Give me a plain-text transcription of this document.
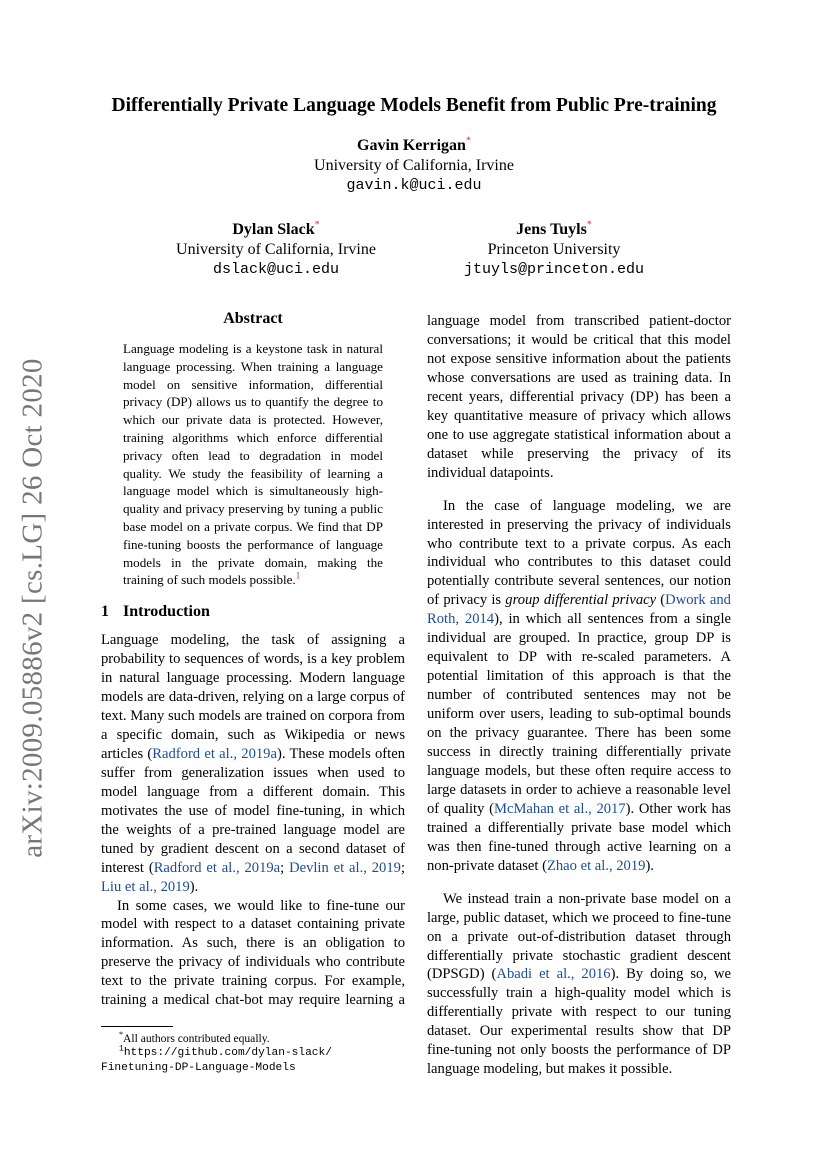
arXiv:2009.05886v2 [cs.LG] 26 Oct 2020
Differentially Private Language Models Benefit from Public Pre-training
Gavin Kerrigan*
University of California, Irvine
gavin.k@uci.edu
Dylan Slack*
University of California, Irvine
dslack@uci.edu
Jens Tuyls*
Princeton University
jtuyls@princeton.edu
Abstract
Language modeling is a keystone task in natural language processing. When training a language model on sensitive information, differential privacy (DP) allows us to quantify the degree to which our private data is protected. However, training algorithms which enforce differential privacy often lead to degradation in model quality. We study the feasibility of learning a language model which is simultaneously high-quality and privacy preserving by tuning a public base model on a private corpus. We find that DP fine-tuning boosts the performance of language models in the private domain, making the training of such models possible.$^1$
1 Introduction

Language modeling, the task of assigning a probability to sequences of words, is a key problem in natural language processing. Modern language models are data-driven, relying on a large corpus of text. Many such models are trained on corpora from a specific domain, such as Wikipedia or news articles (Radford et al., 2019a). These models often suffer from generalization issues when used to model language from a different domain. This motivates the use of model fine-tuning, in which the weights of a pre-trained language model are tuned by gradient descent on a second dataset of interest (Radford et al., 2019a; Devlin et al., 2019; Liu et al., 2019).

In some cases, we would like to fine-tune our model with respect to a dataset containing private information. As such, there is an obligation to preserve the privacy of individuals who contribute text to the private training corpus. For example, training a medical chat-bot may require learning a

*All authors contributed equally.
$^1$https://github.com/dylan-slack/
Finetuning-DP-Language-Models

language model from transcribed patient-doctor conversations; it would be critical that this model not expose sensitive information about the patients whose conversations are used as training data. In recent years, differential privacy (DP) has been a key quantitative measure of privacy which allows one to use aggregate statistical information about a dataset while preserving the privacy of its individual datapoints.

In the case of language modeling, we are interested in preserving the privacy of individuals who contribute text to a private corpus. As each individual who contributes to this dataset could potentially contribute several sentences, our notion of privacy is group differential privacy (Dwork and Roth, 2014), in which all sentences from a single individual are grouped. In practice, group DP is equivalent to DP with re-scaled parameters. A potential limitation of this approach is that the number of contributed sentences may not be uniform over users, leading to sub-optimal bounds on the privacy guarantee. There has been some success in directly training differentially private language models, but these often require access to large datasets in order to achieve a reasonable level of quality (McMahan et al., 2017). Other work has trained a differentially private base model which was then fine-tuned through active learning on a non-private dataset (Zhao et al., 2019).

We instead train a non-private base model on a large, public dataset, which we proceed to fine-tune on a private out-of-distribution dataset through differentially private stochastic gradient descent (DPSGD) (Abadi et al., 2016). By doing so, we successfully train a high-quality model which is differentially private with respect to our tuning dataset. Our experimental results show that DP fine-tuning not only boosts the performance of DP language modeling, but makes it possible.
